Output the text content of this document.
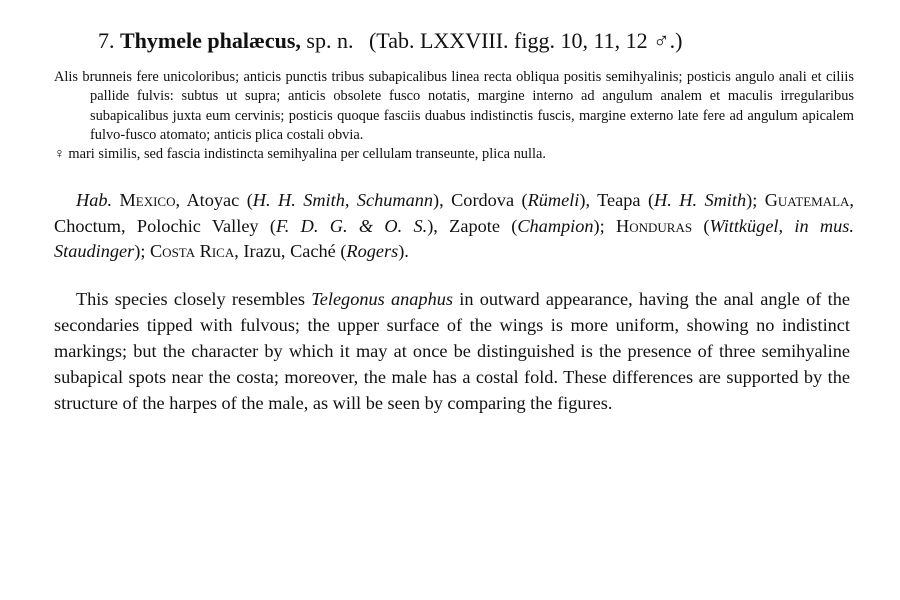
7. Thymele phalæcus, sp. n. (Tab. LXXVIII. figg. 10, 11, 12 ♂.)

Alis brunneis fere unicoloribus; anticis punctis tribus subapicalibus linea recta obliqua positis semihyalinis; posticis angulo anali et ciliis pallide fulvis: subtus ut supra; anticis obsolete fusco notatis, margine interno ad angulum analem et maculis irregularibus subapicalibus juxta eum cervinis; posticis quoque fasciis duabus indistinctis fuscis, margine externo late fere ad angulum apicalem fulvo-fusco atomato; anticis plica costali obvia.

♀ mari similis, sed fascia indistincta semihyalina per cellulam transeunte, plica nulla.

Hab. Mexico, Atoyac (H. H. Smith, Schumann), Cordova (Rümeli), Teapa (H. H. Smith); Guatemala, Choctum, Polochic Valley (F. D. G. & O. S.), Zapote (Champion); Honduras (Wittkügel, in mus. Staudinger); Costa Rica, Irazu, Caché (Rogers).

This species closely resembles Telegonus anaphus in outward appearance, having the anal angle of the secondaries tipped with fulvous; the upper surface of the wings is more uniform, showing no indistinct markings; but the character by which it may at once be distinguished is the presence of three semihyaline subapical spots near the costa; moreover, the male has a costal fold. These differences are supported by the structure of the harpes of the male, as will be seen by comparing the figures.
